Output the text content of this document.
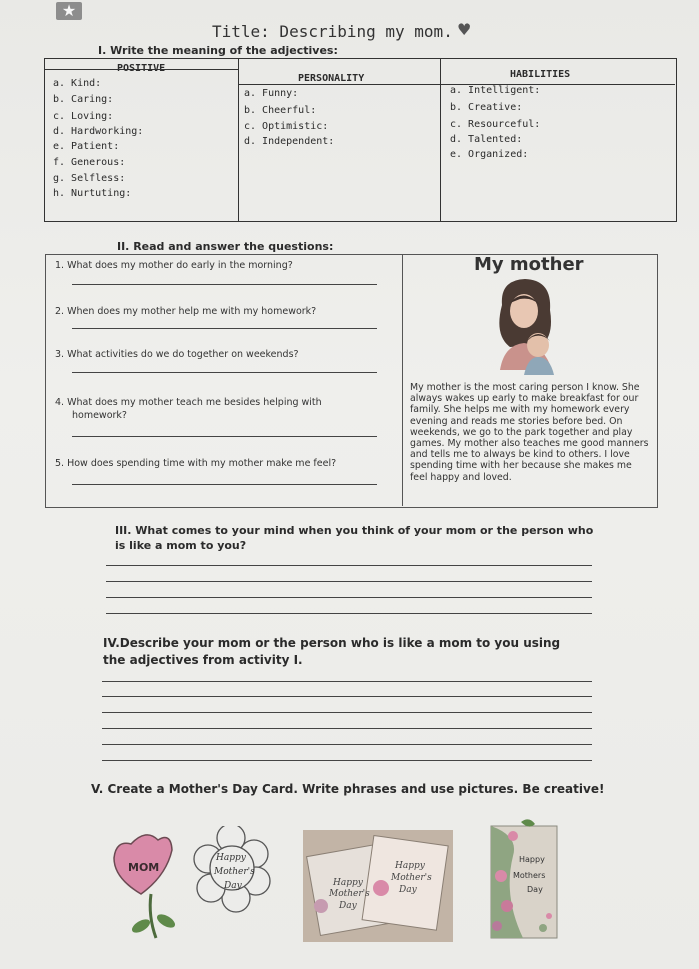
★
Title: Describing my mom. ♥
I. Write the meaning of the adjectives:
a. Kind:
b. Caring:
c. Loving:
d. Hardworking:
e. Patient:
f. Generous:
g. Selfless:
h. Nurtuting:
PERSONALITY
a. Funny:
b. Cheerful:
c. Optimistic:
d. Independent:
HABILITIES
a. Intelligent:
b. Creative:
c. Resourceful:
d. Talented:
e. Organized:
II. Read and answer the questions:
1. What does my mother do early in the morning?
2. When does my mother help me with my homework?
3. What activities do we do together on weekends?
4. What does my mother teach me besides helping with
homework?
5. How does spending time with my mother make me feel?
My mother
My mother is the most caring person I know. She
always wakes up early to make breakfast for our
family. She helps me with my homework every
evening and reads me stories before bed. On
weekends, we go to the park together and play
games. My mother also teaches me good manners
and tells me to always be kind to others. I love
spending time with her because she makes me
feel happy and loved.
III. What comes to your mind when you think of your mom or the person who is like a mom to you?
IV.Describe your mom or the person who is like a mom to you using the adjectives from activity I.
V. Create a Mother's Day Card. Write phrases and use pictures. Be creative!
MOM
Happy
Mother's
Day	Happy
Mother's
Day
Happy
Mother's
Day
Happy
Mothers
Day
